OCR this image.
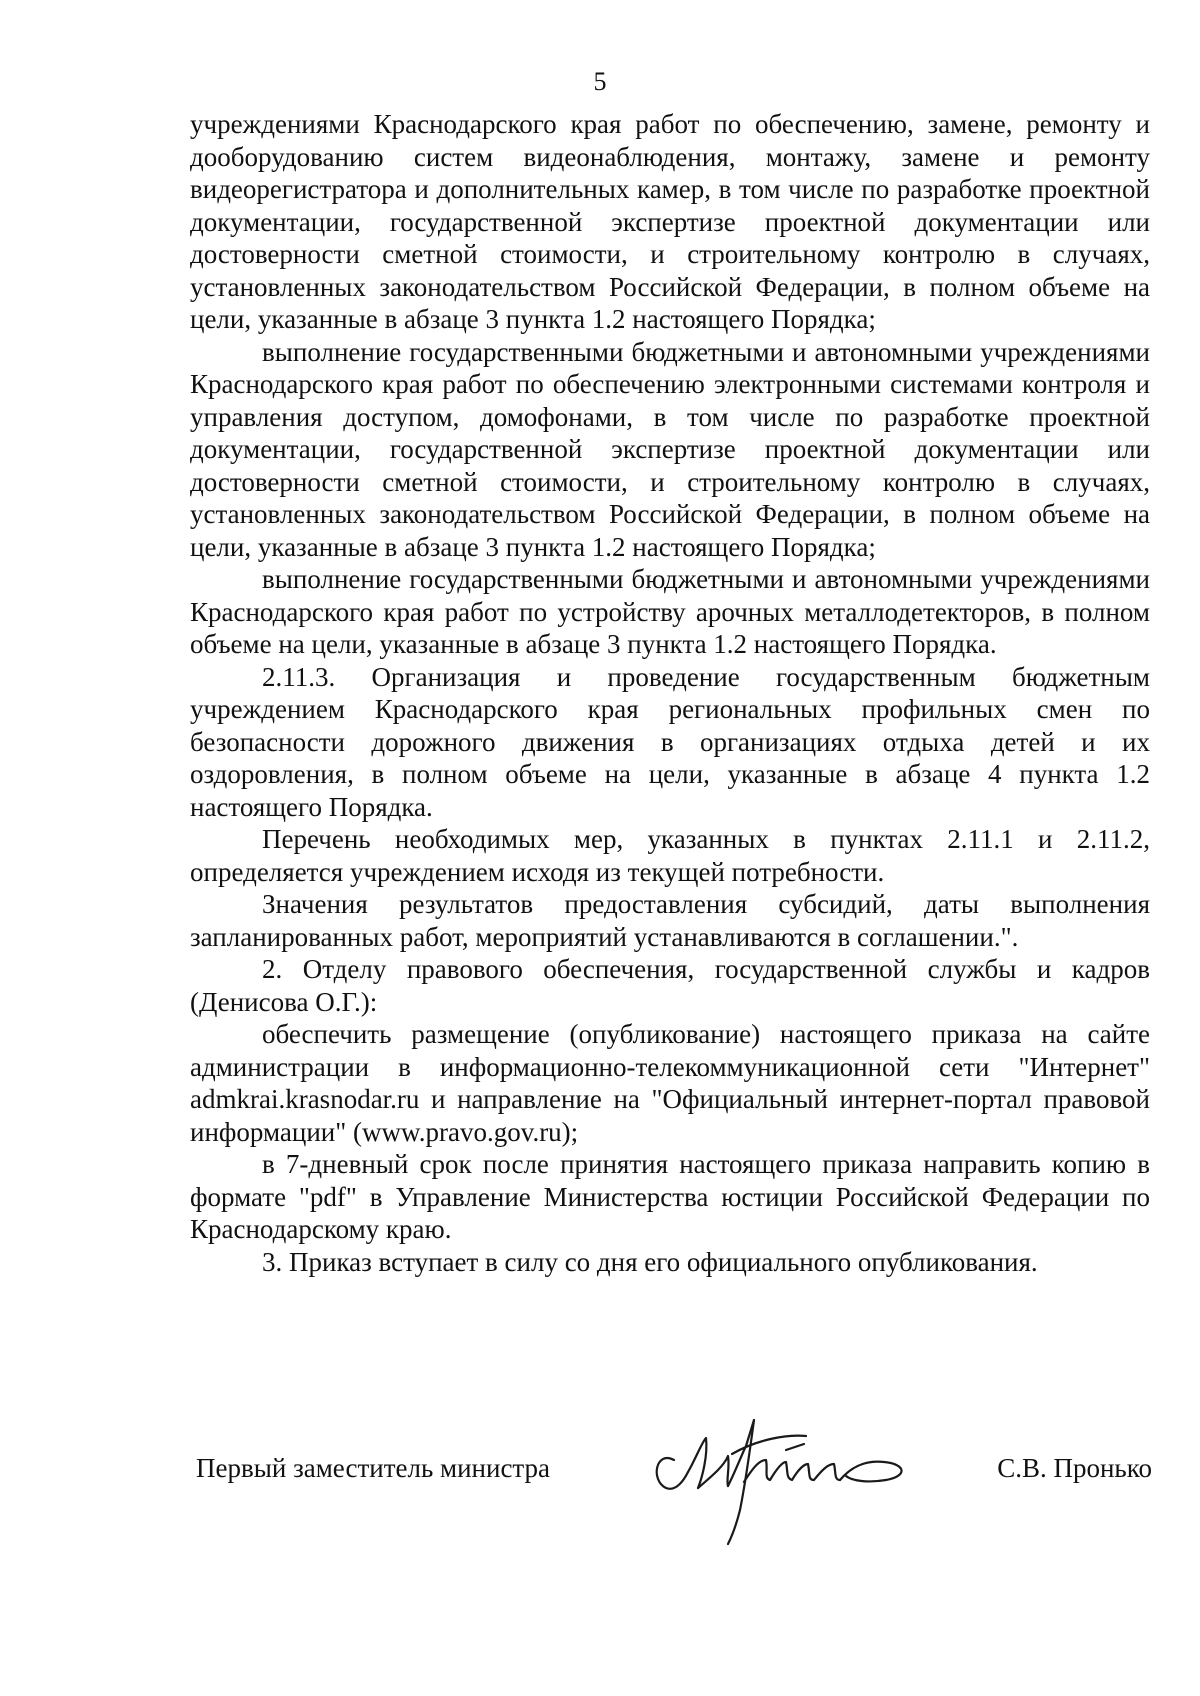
5

учреждениями Краснодарского края работ по обеспечению, замене, ремонту и дооборудованию систем видеонаблюдения, монтажу, замене и ремонту видеорегистратора и дополнительных камер, в том числе по разработке проектной документации, государственной экспертизе проектной документации или достоверности сметной стоимости, и строительному контролю в случаях, установленных законодательством Российской Федерации, в полном объеме на цели, указанные в абзаце 3 пункта 1.2 настоящего Порядка;

выполнение государственными бюджетными и автономными учреждениями Краснодарского края работ по обеспечению электронными системами контроля и управления доступом, домофонами, в том числе по разработке проектной документации, государственной экспертизе проектной документации или достоверности сметной стоимости, и строительному контролю в случаях, установленных законодательством Российской Федерации, в полном объеме на цели, указанные в абзаце 3 пункта 1.2 настоящего Порядка;

выполнение государственными бюджетными и автономными учреждениями Краснодарского края работ по устройству арочных металлодетекторов, в полном объеме на цели, указанные в абзаце 3 пункта 1.2 настоящего Порядка.

2.11.3. Организация и проведение государственным бюджетным учреждением Краснодарского края региональных профильных смен по безопасности дорожного движения в организациях отдыха детей и их оздоровления, в полном объеме на цели, указанные в абзаце 4 пункта 1.2 настоящего Порядка.

Перечень необходимых мер, указанных в пунктах 2.11.1 и 2.11.2, определяется учреждением исходя из текущей потребности.

Значения результатов предоставления субсидий, даты выполнения запланированных работ, мероприятий устанавливаются в соглашении.".

2. Отделу правового обеспечения, государственной службы и кадров (Денисова О.Г.):

обеспечить размещение (опубликование) настоящего приказа на сайте администрации в информационно-телекоммуникационной сети "Интернет" admkrai.krasnodar.ru и направление на "Официальный интернет-портал правовой информации" (www.pravo.gov.ru);

в 7-дневный срок после принятия настоящего приказа направить копию в формате "pdf" в Управление Министерства юстиции Российской Федерации по Краснодарскому краю.

3. Приказ вступает в силу со дня его официального опубликования.

Первый заместитель министра	С.В. Пронько
